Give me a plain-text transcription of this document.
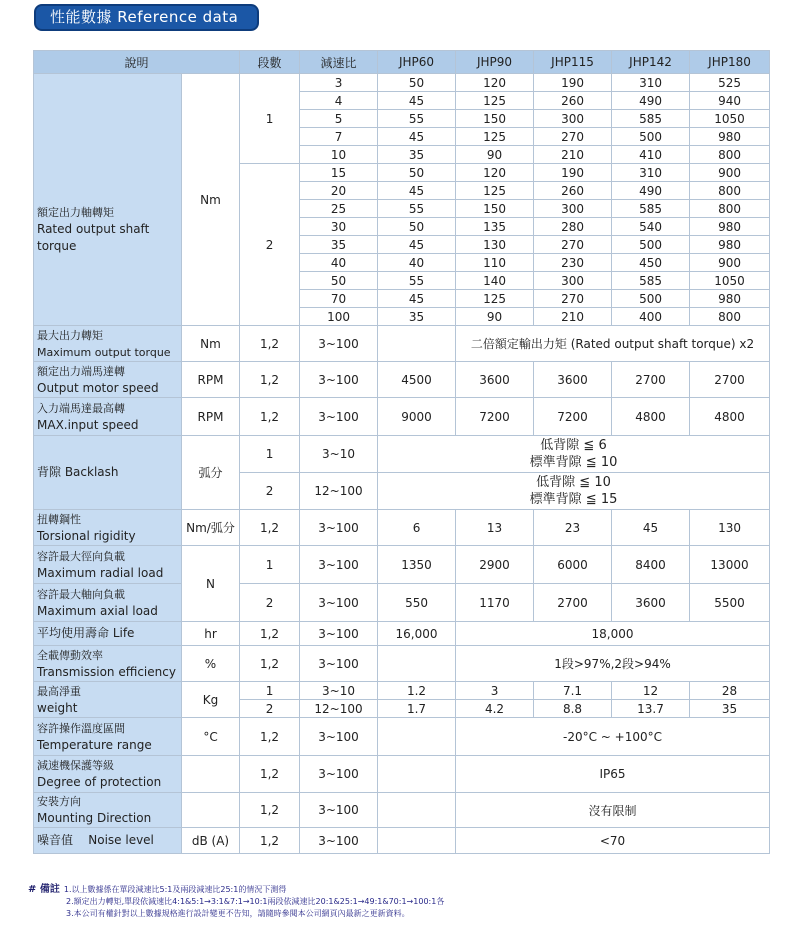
性能數據 Reference data
說明		段數	減速比	JHP60	JHP90	JHP115	JHP142	JHP180

額定出力軸轉矩
Rated output shaft torque	Nm	1	3	50	120	190	310	525
			4	45	125	260	490	940
			5	55	150	300	585	1050
			7	45	125	270	500	980
			10	35	90	210	410	800
		2	15	50	120	190	310	900
			20	45	125	260	490	800
			25	55	150	300	585	800
			30	50	135	280	540	980
			35	45	130	270	500	980
			40	40	110	230	450	900
			50	55	140	300	585	1050
			70	45	125	270	500	980
			100	35	90	210	400	800

最大出力轉矩
Maximum output torque	Nm	1,2	3~100		二倍額定輸出力矩 (Rated output shaft torque) x2			

額定出力端馬達轉
Output motor speed	RPM	1,2	3~100	4500	3600	3600	2700	2700

入力端馬達最高轉
MAX.input speed	RPM	1,2	3~100	9000	7200	7200	4800	4800
背隙 Backlash	弧分	1	3~10	低背隙 ≦ 6
標準背隙 ≦ 10				

		2	12~100	低背隙 ≦ 10
標準背隙 ≦ 15				

扭轉鋼性
Torsional rigidity	Nm/弧分	1,2	3~100	6	13	23	45	130

容許最大徑向負載
Maximum radial load	N	1	3~100	1350	2900	6000	8400	13000

容許最大軸向負載
Maximum axial load		2	3~100	550	1170	2700	3600	5500
平均使用壽命 Life	hr	1,2	3~100	16,000	18,000			

全載傳動效率
Transmission efficiency	%	1,2	3~100		1段>97%,2段>94%			

最高淨重
weight	Kg	1	3~10	1.2	3	7.1	12	28
		2	12~100	1.7	4.2	8.8	13.7	35

容許操作溫度區間
Temperature range	°C	1,2	3~100		-20°C ~ +100°C			

減速機保護等級
Degree of protection		1,2	3~100		IP65			

安裝方向
Mounting Direction		1,2	3~100		沒有限制			
噪音值    Noise level	dB (A)	1,2	3~100		<70			
# 備註 1.以上數據係在單段減速比5:1及兩段減速比25:1的情況下測得
2.額定出力轉矩,單段依減速比4:1&5:1→3:1&7:1→10:1兩段依減速比20:1&25:1→49:1&70:1→100:1各
3.本公司有權針對以上數據規格進行設計變更不告知，請隨時參閱本公司網頁內最新之更新資料。
